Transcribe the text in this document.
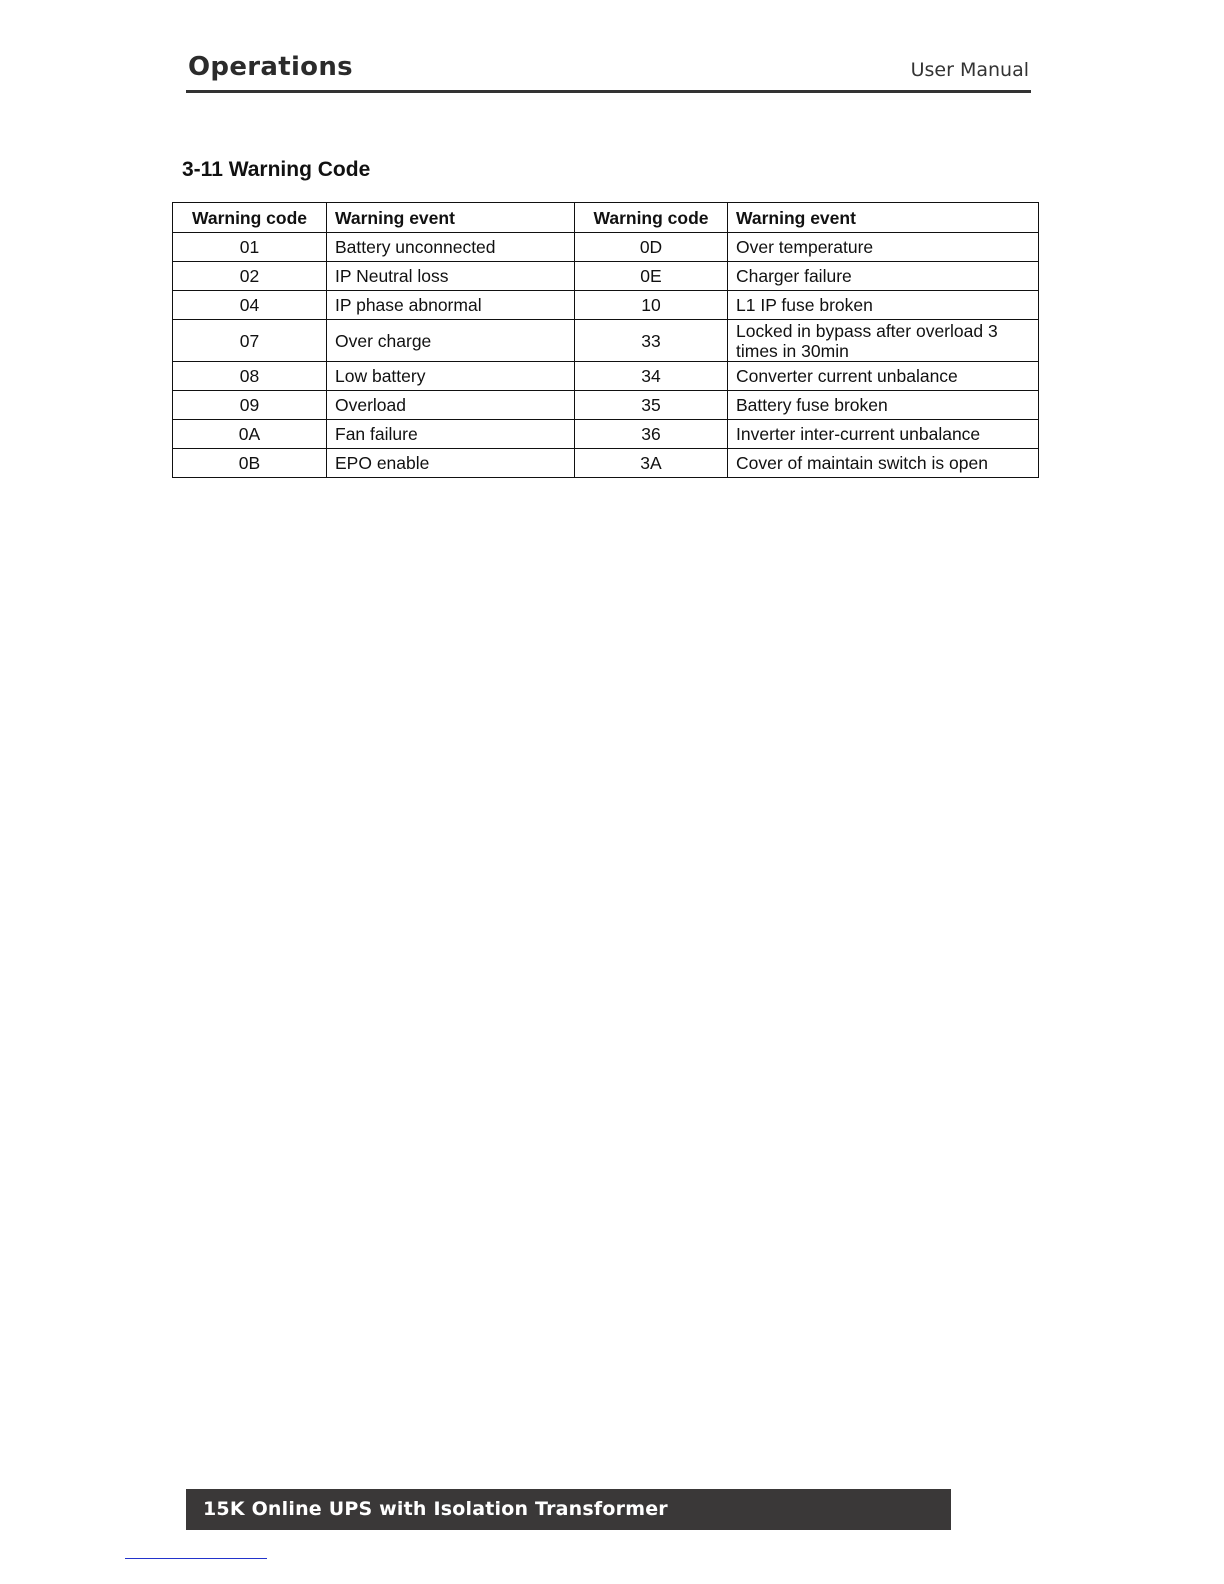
Operations	User Manual
3-11 Warning Code
Warning code	Warning event	Warning code	Warning event
01	Battery unconnected	0D	Over temperature
02	IP Neutral loss	0E	Charger failure
04	IP phase abnormal	10	L1 IP fuse broken
07	Over charge	33	Locked in bypass after overload 3 times in 30min
08	Low battery	34	Converter current unbalance
09	Overload	35	Battery fuse broken
0A	Fan failure	36	Inverter inter-current unbalance
0B	EPO enable	3A	Cover of maintain switch is open
15K Online UPS with Isolation Transformer
